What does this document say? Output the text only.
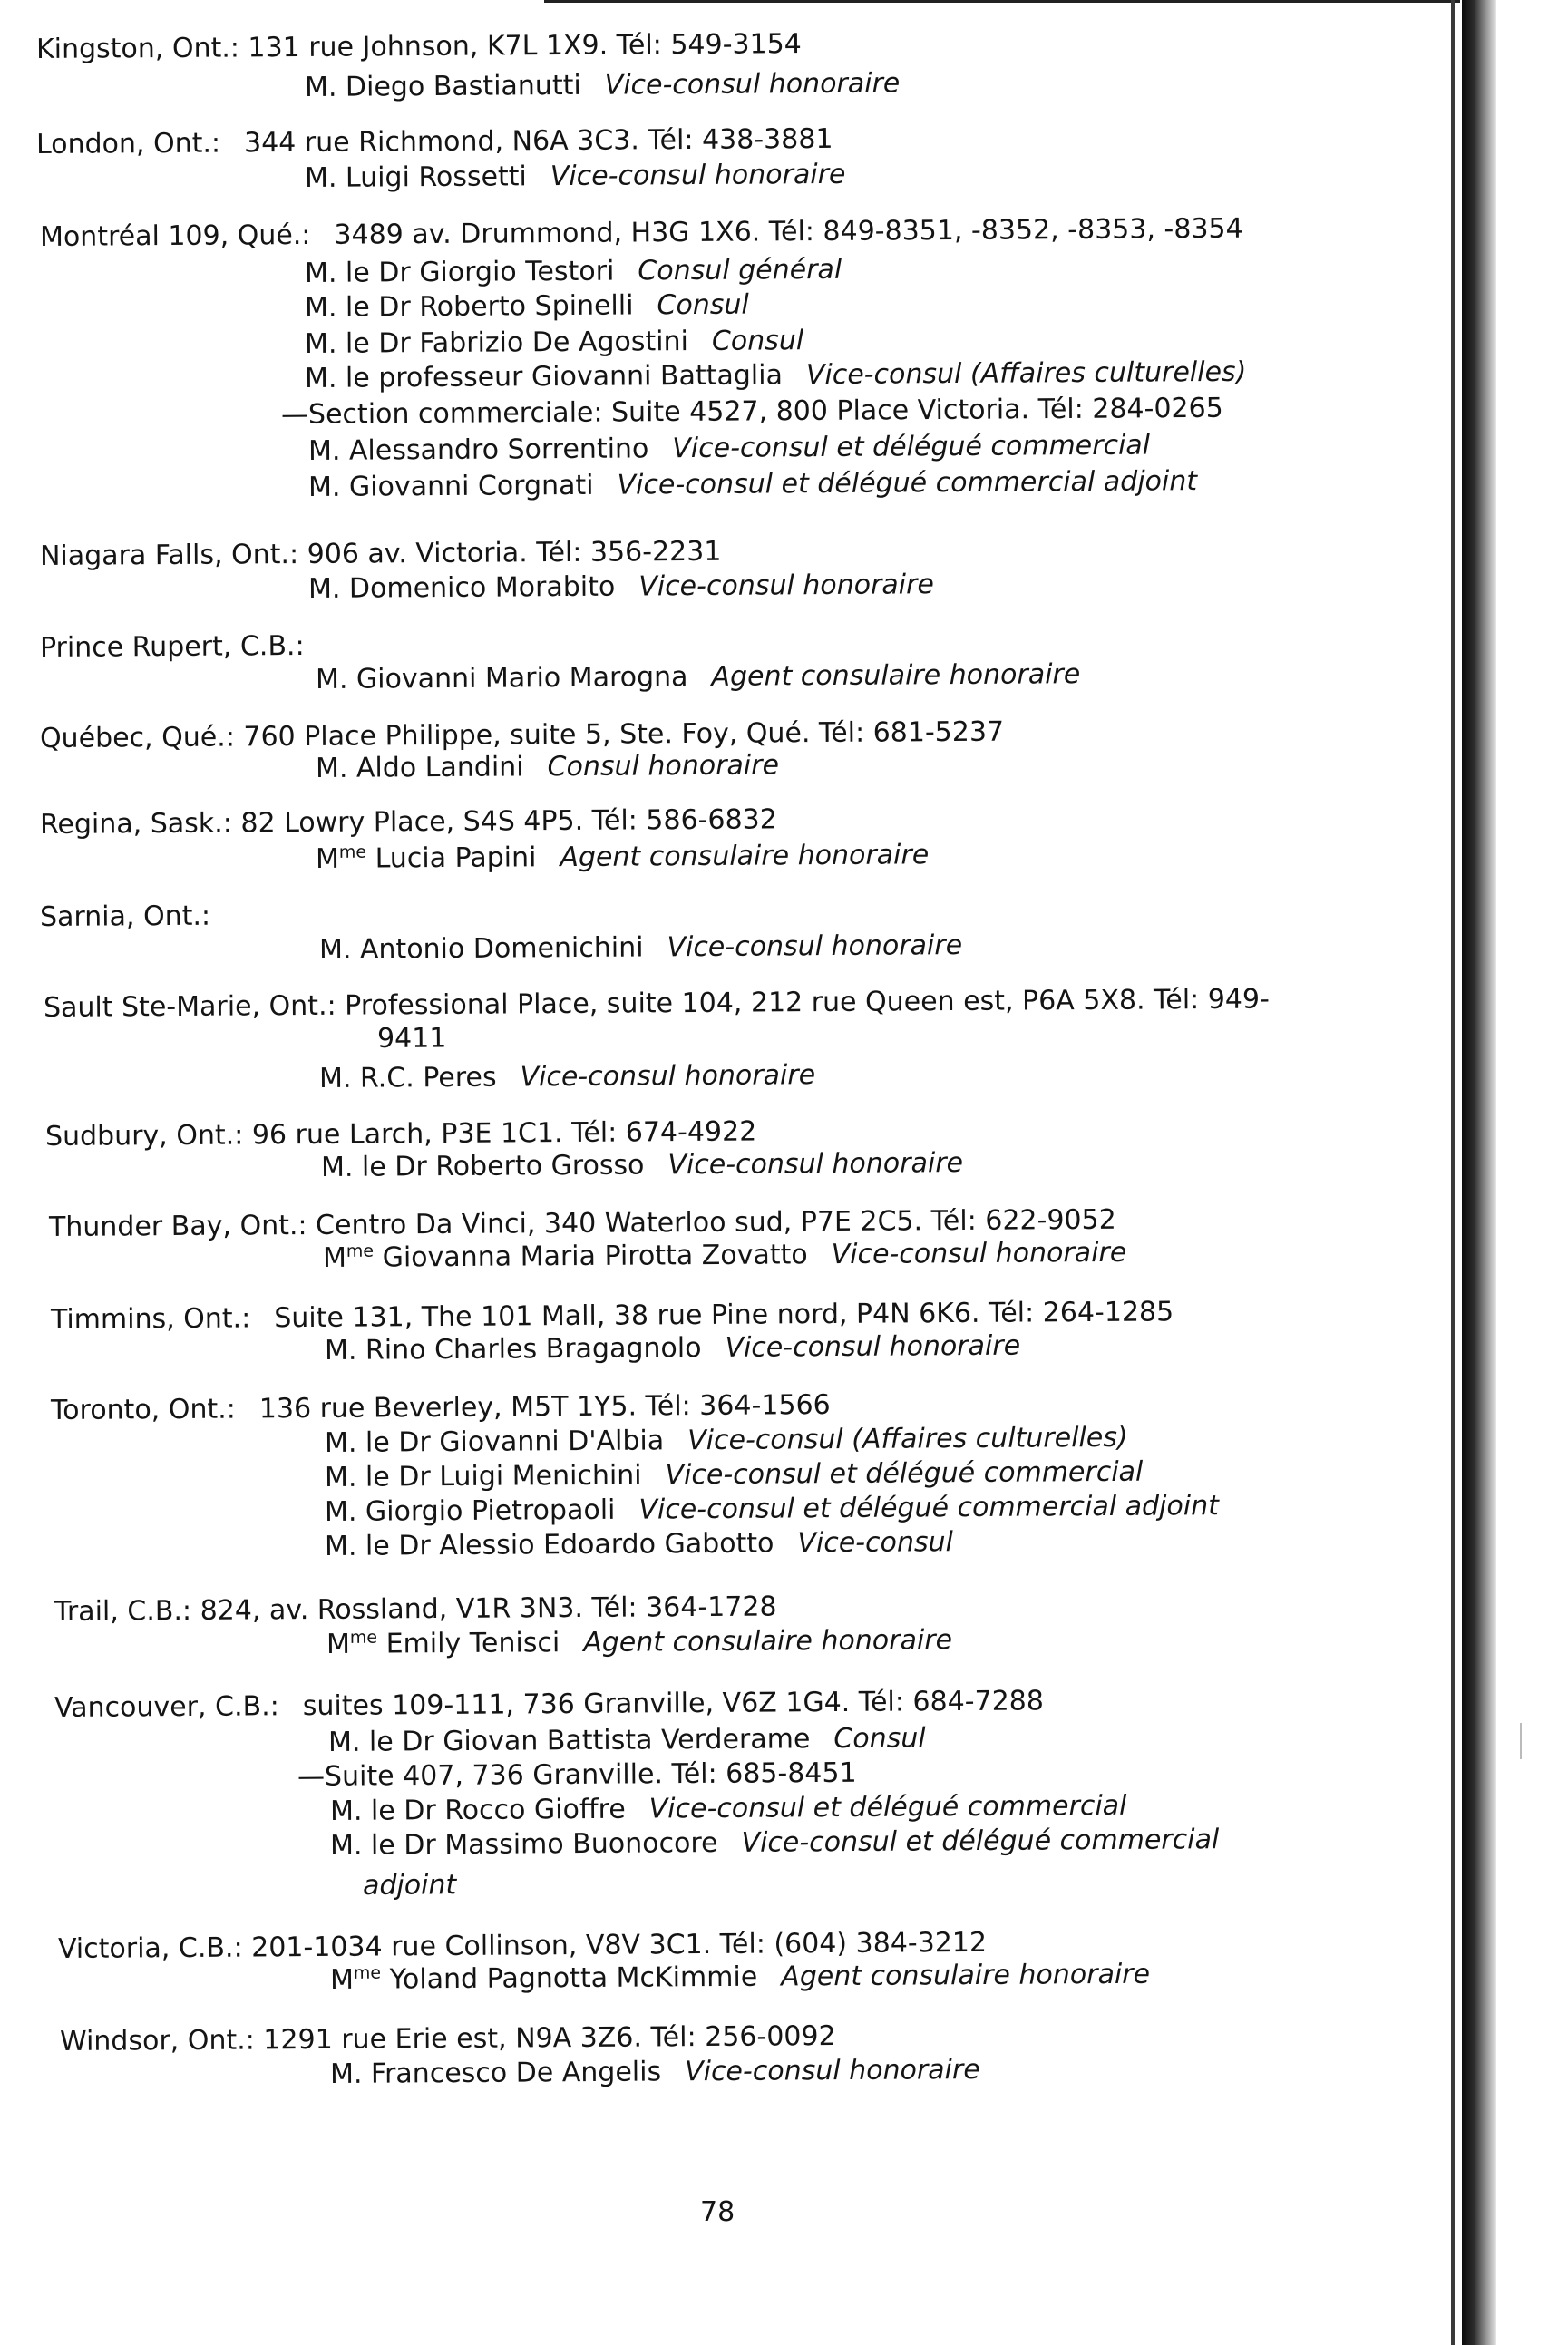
Kingston, Ont.: 131 rue Johnson, K7L 1X9. Tél: 549-3154
M. Diego Bastianutti Vice-consul honoraire
London, Ont.: 344 rue Richmond, N6A 3C3. Tél: 438-3881
M. Luigi Rossetti Vice-consul honoraire
Montréal 109, Qué.: 3489 av. Drummond, H3G 1X6. Tél: 849-8351, -8352, -8353, -8354
M. le Dr Giorgio Testori Consul général
M. le Dr Roberto Spinelli Consul
M. le Dr Fabrizio De Agostini Consul
M. le professeur Giovanni Battaglia Vice-consul (Affaires culturelles)
—Section commerciale: Suite 4527, 800 Place Victoria. Tél: 284-0265
M. Alessandro Sorrentino Vice-consul et délégué commercial
M. Giovanni Corgnati Vice-consul et délégué commercial adjoint
Niagara Falls, Ont.: 906 av. Victoria. Tél: 356-2231
M. Domenico Morabito Vice-consul honoraire
Prince Rupert, C.B.:
M. Giovanni Mario Marogna Agent consulaire honoraire
Québec, Qué.: 760 Place Philippe, suite 5, Ste. Foy, Qué. Tél: 681-5237
M. Aldo Landini Consul honoraire
Regina, Sask.: 82 Lowry Place, S4S 4P5. Tél: 586-6832
$M^{me}$ Lucia Papini Agent consulaire honoraire
Sarnia, Ont.:
M. Antonio Domenichini Vice-consul honoraire
Sault Ste-Marie, Ont.: Professional Place, suite 104, 212 rue Queen est, P6A 5X8. Tél: 949-
9411
M. R.C. Peres Vice-consul honoraire
Sudbury, Ont.: 96 rue Larch, P3E 1C1. Tél: 674-4922
M. le Dr Roberto Grosso Vice-consul honoraire
Thunder Bay, Ont.: Centro Da Vinci, 340 Waterloo sud, P7E 2C5. Tél: 622-9052
$M^{me}$ Giovanna Maria Pirotta Zovatto Vice-consul honoraire
Timmins, Ont.: Suite 131, The 101 Mall, 38 rue Pine nord, P4N 6K6. Tél: 264-1285
M. Rino Charles Bragagnolo Vice-consul honoraire
Toronto, Ont.: 136 rue Beverley, M5T 1Y5. Tél: 364-1566
M. le Dr Giovanni D'Albia Vice-consul (Affaires culturelles)
M. le Dr Luigi Menichini Vice-consul et délégué commercial
M. Giorgio Pietropaoli Vice-consul et délégué commercial adjoint
M. le Dr Alessio Edoardo Gabotto Vice-consul
Trail, C.B.: 824, av. Rossland, V1R 3N3. Tél: 364-1728
$M^{me}$ Emily Tenisci Agent consulaire honoraire
Vancouver, C.B.: suites 109-111, 736 Granville, V6Z 1G4. Tél: 684-7288
M. le Dr Giovan Battista Verderame Consul
—Suite 407, 736 Granville. Tél: 685-8451
M. le Dr Rocco Gioffre Vice-consul et délégué commercial
M. le Dr Massimo Buonocore Vice-consul et délégué commercial
adjoint
Victoria, C.B.: 201-1034 rue Collinson, V8V 3C1. Tél: (604) 384-3212
$M^{me}$ Yoland Pagnotta McKimmie Agent consulaire honoraire
Windsor, Ont.: 1291 rue Erie est, N9A 3Z6. Tél: 256-0092
M. Francesco De Angelis Vice-consul honoraire
78
